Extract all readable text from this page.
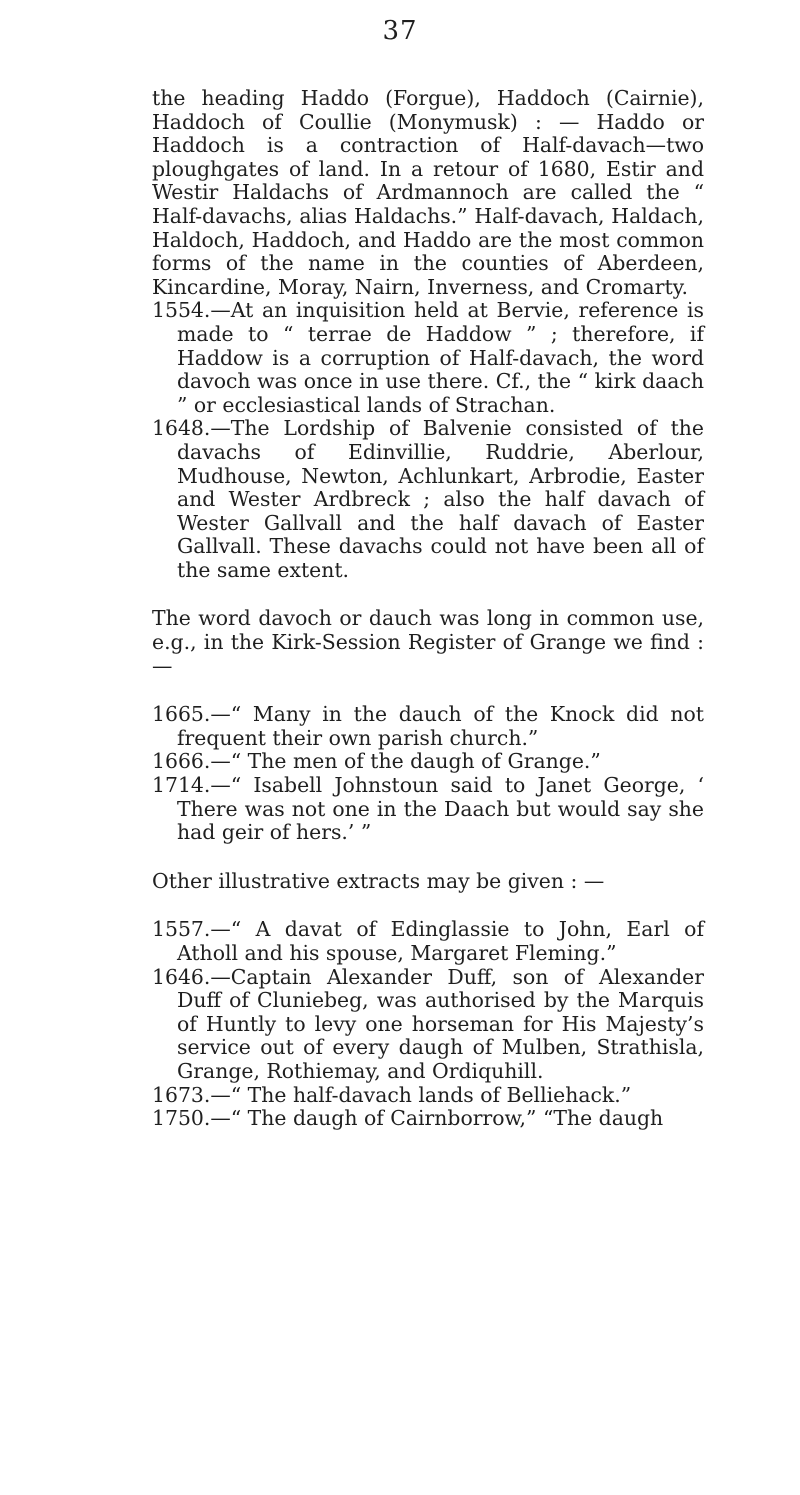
37

the heading Haddo (Forgue), Haddoch (Cairnie), Haddoch of Coullie (Monymusk) : — Haddo or Haddoch is a contraction of Half-davach—two ploughgates of land. In a retour of 1680, Estir and Westir Haldachs of Ardmannoch are called the “ Half-davachs, alias Haldachs.” Half-davach, Haldach, Haldoch, Haddoch, and Haddo are the most common forms of the name in the counties of Aberdeen, Kincardine, Moray, Nairn, Inverness, and Cromarty.

1554.—At an inquisition held at Bervie, reference is made to “ terrae de Haddow ” ; therefore, if Haddow is a corruption of Half-davach, the word davoch was once in use there. Cf., the “ kirk daach ” or ecclesiastical lands of Strachan.

1648.—The Lordship of Balvenie consisted of the davachs of Edinvillie, Ruddrie, Aberlour, Mudhouse, Newton, Achlunkart, Arbrodie, Easter and Wester Ardbreck ; also the half davach of Wester Gallvall and the half davach of Easter Gallvall. These davachs could not have been all of the same extent.

The word davoch or dauch was long in common use, e.g., in the Kirk-Session Register of Grange we find : —

1665.—“ Many in the dauch of the Knock did not frequent their own parish church.”

1666.—“ The men of the daugh of Grange.”

1714.—“ Isabell Johnstoun said to Janet George, ‘ There was not one in the Daach but would say she had geir of hers.’ ”

Other illustrative extracts may be given : —

1557.—“ A davat of Edinglassie to John, Earl of Atholl and his spouse, Margaret Fleming.”

1646.—Captain Alexander Duff, son of Alexander Duff of Cluniebeg, was authorised by the Marquis of Huntly to levy one horseman for His Majesty’s service out of every daugh of Mulben, Strathisla, Grange, Rothiemay, and Ordiquhill.

1673.—“ The half-davach lands of Belliehack.”

1750.—“ The daugh of Cairnborrow,” “The daugh
